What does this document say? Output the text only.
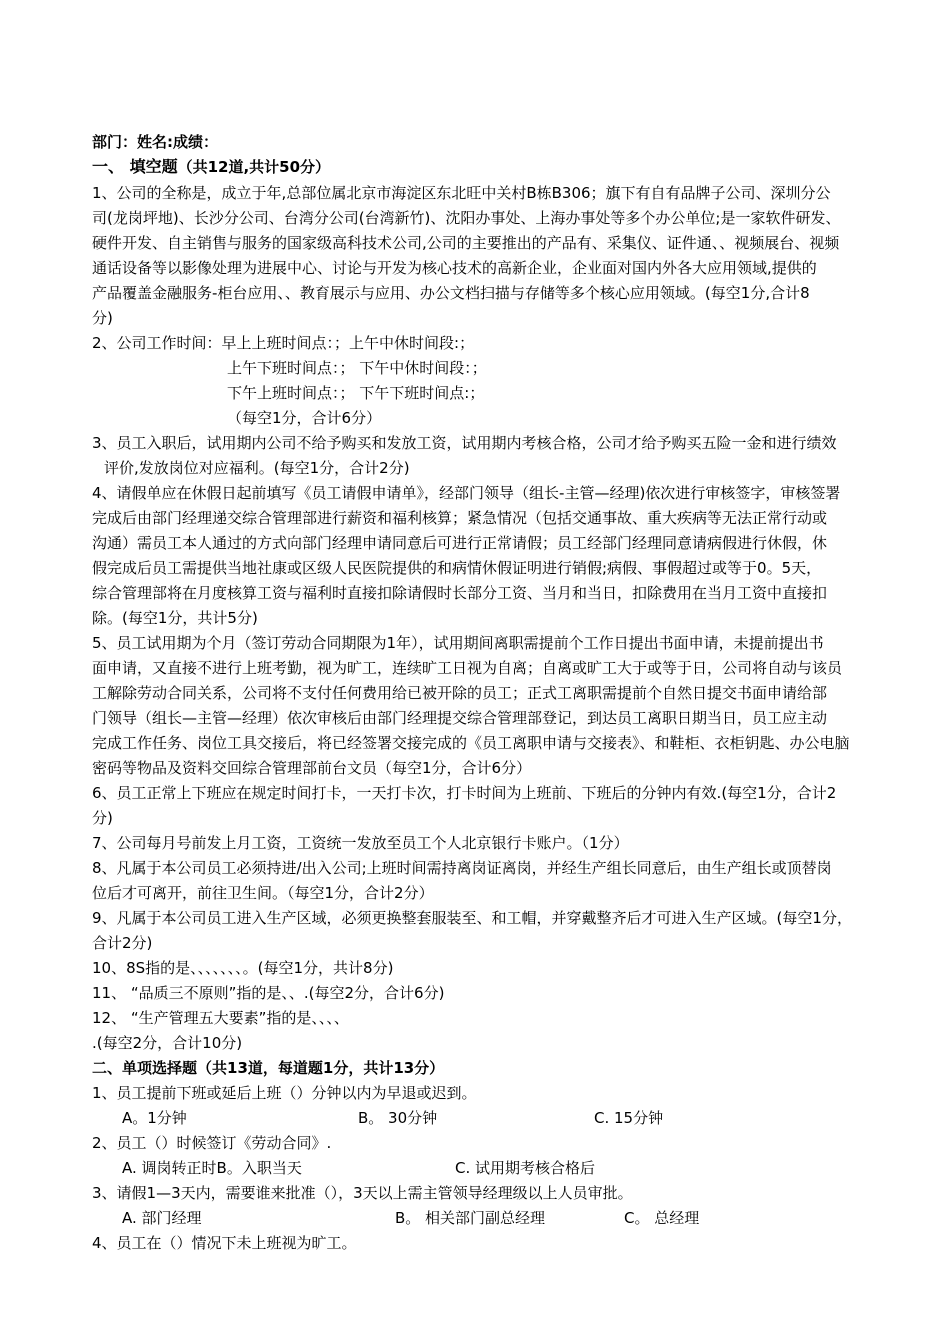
部门：姓名:成绩：
一、 填空题（共12道,共计50分）
1、公司的全称是，成立于年,总部位属北京市海淀区东北旺中关村B栋B306；旗下有自有品牌子公司、深圳分公
司(龙岗坪地)、长沙分公司、台湾分公司(台湾新竹)、沈阳办事处、上海办事处等多个办公单位;是一家软件研发、
硬件开发、自主销售与服务的国家级高科技术公司,公司的主要推出的产品有、采集仪、证件通、、视频展台、视频
通话设备等以影像处理为进展中心、讨论与开发为核心技术的高新企业，企业面对国内外各大应用领域,提供的
产品覆盖金融服务-柜台应用、、教育展示与应用、办公文档扫描与存储等多个核心应用领域。(每空1分,合计8
分)
2、公司工作时间：早上上班时间点：；上午中休时间段:；
上午下班时间点：； 下午中休时间段：；
下午上班时间点：； 下午下班时间点:；
（每空1分，合计6分）
3、员工入职后，试用期内公司不给予购买和发放工资，试用期内考核合格，公司才给予购买五险一金和进行绩效
评价,发放岗位对应福利。(每空1分，合计2分)
4、请假单应在休假日起前填写《员工请假申请单》，经部门领导（组长-主管—经理)依次进行审核签字，审核签署
完成后由部门经理递交综合管理部进行薪资和福利核算；紧急情况（包括交通事故、重大疾病等无法正常行动或
沟通）需员工本人通过的方式向部门经理申请同意后可进行正常请假；员工经部门经理同意请病假进行休假，休
假完成后员工需提供当地社康或区级人民医院提供的和病情休假证明进行销假;病假、事假超过或等于0。5天，
综合管理部将在月度核算工资与福利时直接扣除请假时长部分工资、当月和当日，扣除费用在当月工资中直接扣
除。(每空1分，共计5分)
5、员工试用期为个月（签订劳动合同期限为1年），试用期间离职需提前个工作日提出书面申请，未提前提出书
面申请，又直接不进行上班考勤，视为旷工，连续旷工日视为自离；自离或旷工大于或等于日，公司将自动与该员
工解除劳动合同关系，公司将不支付任何费用给已被开除的员工；正式工离职需提前个自然日提交书面申请给部
门领导（组长—主管—经理）依次审核后由部门经理提交综合管理部登记，到达员工离职日期当日，员工应主动
完成工作任务、岗位工具交接后，将已经签署交接完成的《员工离职申请与交接表》、和鞋柜、衣柜钥匙、办公电脑
密码等物品及资料交回综合管理部前台文员（每空1分，合计6分）
6、员工正常上下班应在规定时间打卡，一天打卡次，打卡时间为上班前、下班后的分钟内有效.(每空1分，合计2
分)
7、公司每月号前发上月工资，工资统一发放至员工个人北京银行卡账户。（1分）
8、凡属于本公司员工必须持进/出入公司;上班时间需持离岗证离岗，并经生产组长同意后，由生产组长或顶替岗
位后才可离开，前往卫生间。（每空1分，合计2分）
9、凡属于本公司员工进入生产区域，必须更换整套服装至、和工帽，并穿戴整齐后才可进入生产区域。(每空1分，
合计2分)
10、8S指的是、、、、、、、。(每空1分，共计8分)
11、 “品质三不原则”指的是、、.(每空2分，合计6分)
12、 “生产管理五大要素”指的是、、、、
.(每空2分，合计10分)
二、单项选择题（共13道，每道题1分，共计13分）
1、员工提前下班或延后上班（）分钟以内为早退或迟到。
A。1分钟	B。 30分钟	C. 15分钟
2、员工（）时候签订《劳动合同》.
A. 调岗转正时B。入职当天	C. 试用期考核合格后
3、请假1—3天内，需要谁来批准（），3天以上需主管领导经理级以上人员审批。
A. 部门经理	B。 相关部门副总经理	C。 总经理
4、员工在（）情况下未上班视为旷工。
